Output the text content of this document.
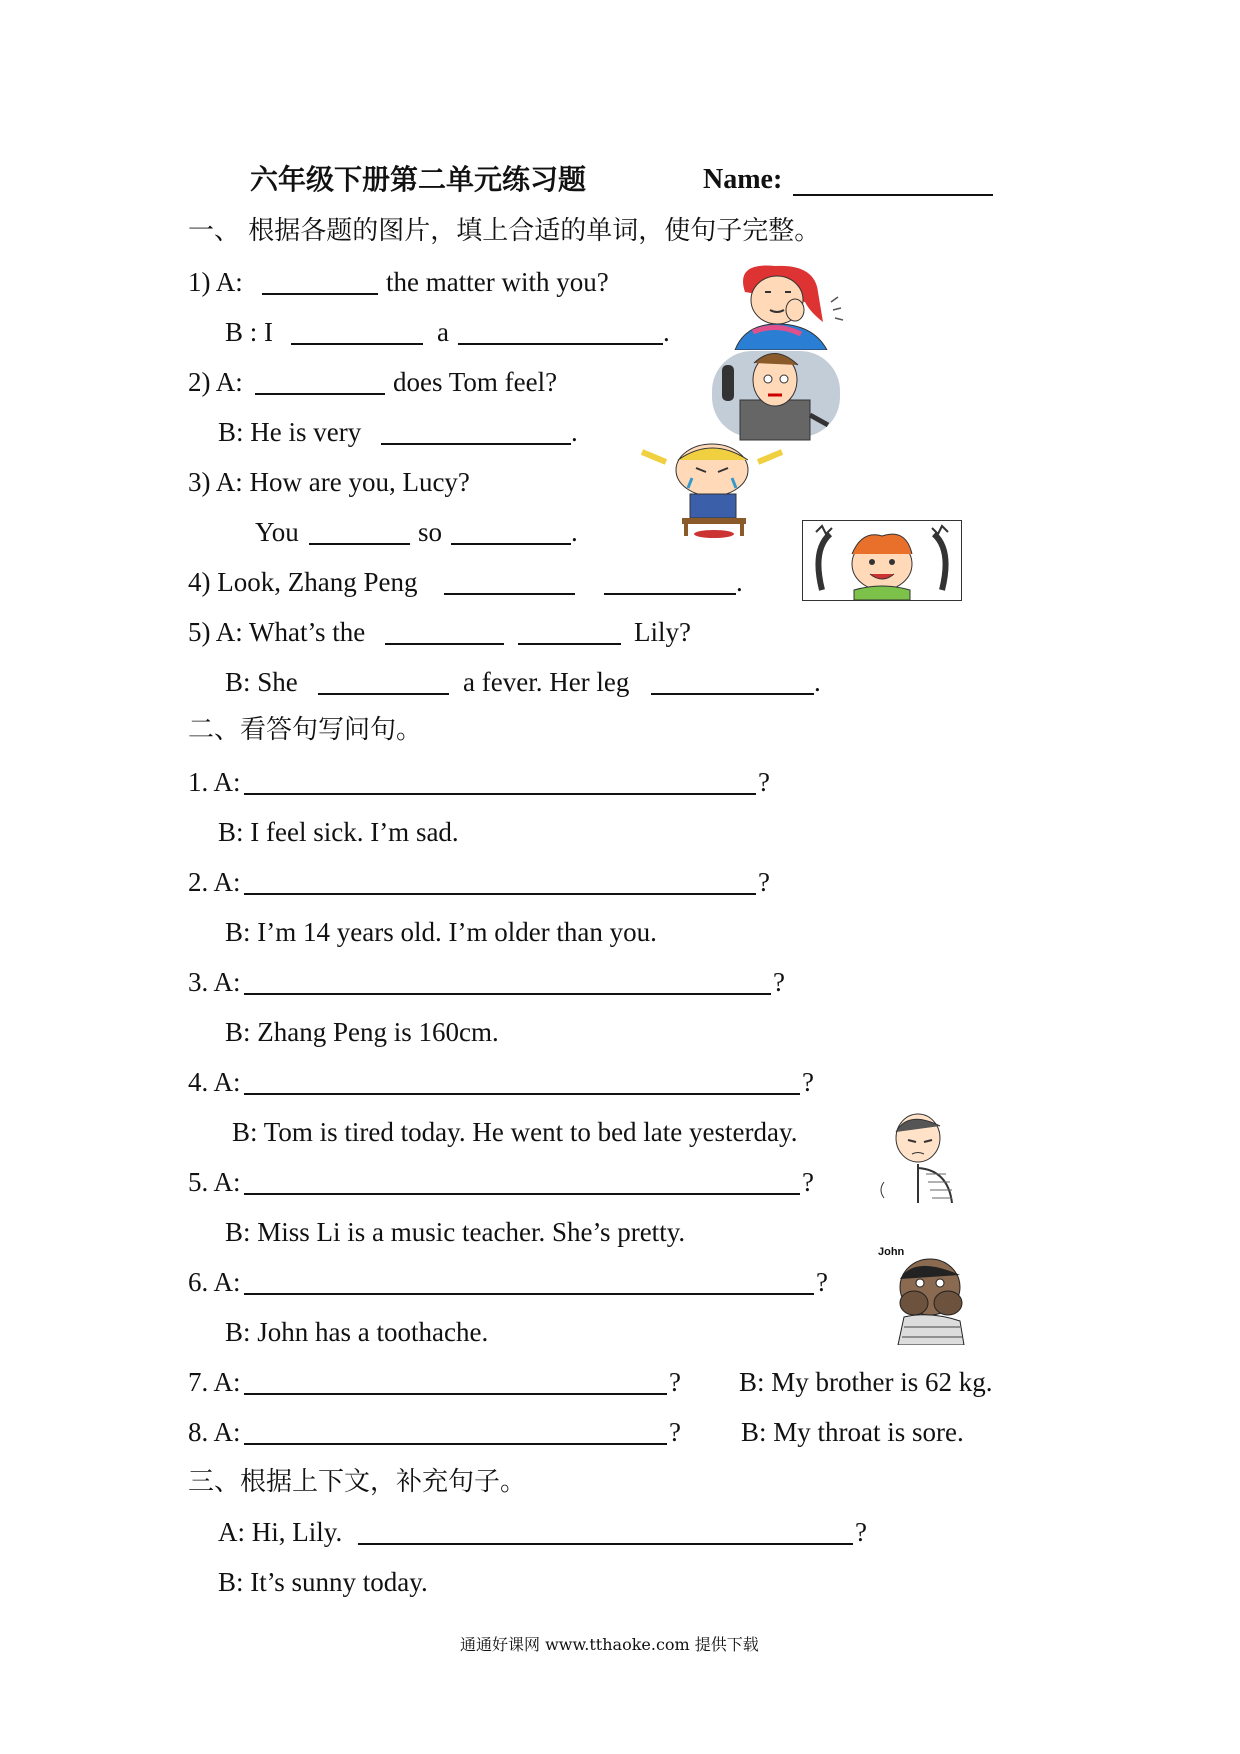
六年级下册第二单元练习题	Name:
一、 根据各题的图片，填上合适的单词，使句子完整。
1) A:	the matter with you?
B : I	a	.
2) A:	does Tom feel?
B: He is very	.
3) A: How are you, Lucy?
You	so	.
4) Look, Zhang Peng	.
5) A: What’s the	Lily?
B: She	a fever. Her leg	.
二、看答句写问句。
1. A:	?
B: I feel sick. I’m sad.
2. A:	?
B: I’m 14 years old. I’m older than you.
3. A:	?
B: Zhang Peng is 160cm.
4. A:	?
B: Tom is tired today. He went to bed late yesterday.
5. A:	?
B: Miss Li is a music teacher. She’s pretty.
6. A:	?
B: John has a toothache.
7. A:	? B: My brother is 62 kg.
8. A:	? B: My throat is sore.
John
三、根据上下文，补充句子。
A: Hi, Lily.	?
B: It’s sunny today.
通通好课网 www.tthaoke.com 提供下载
